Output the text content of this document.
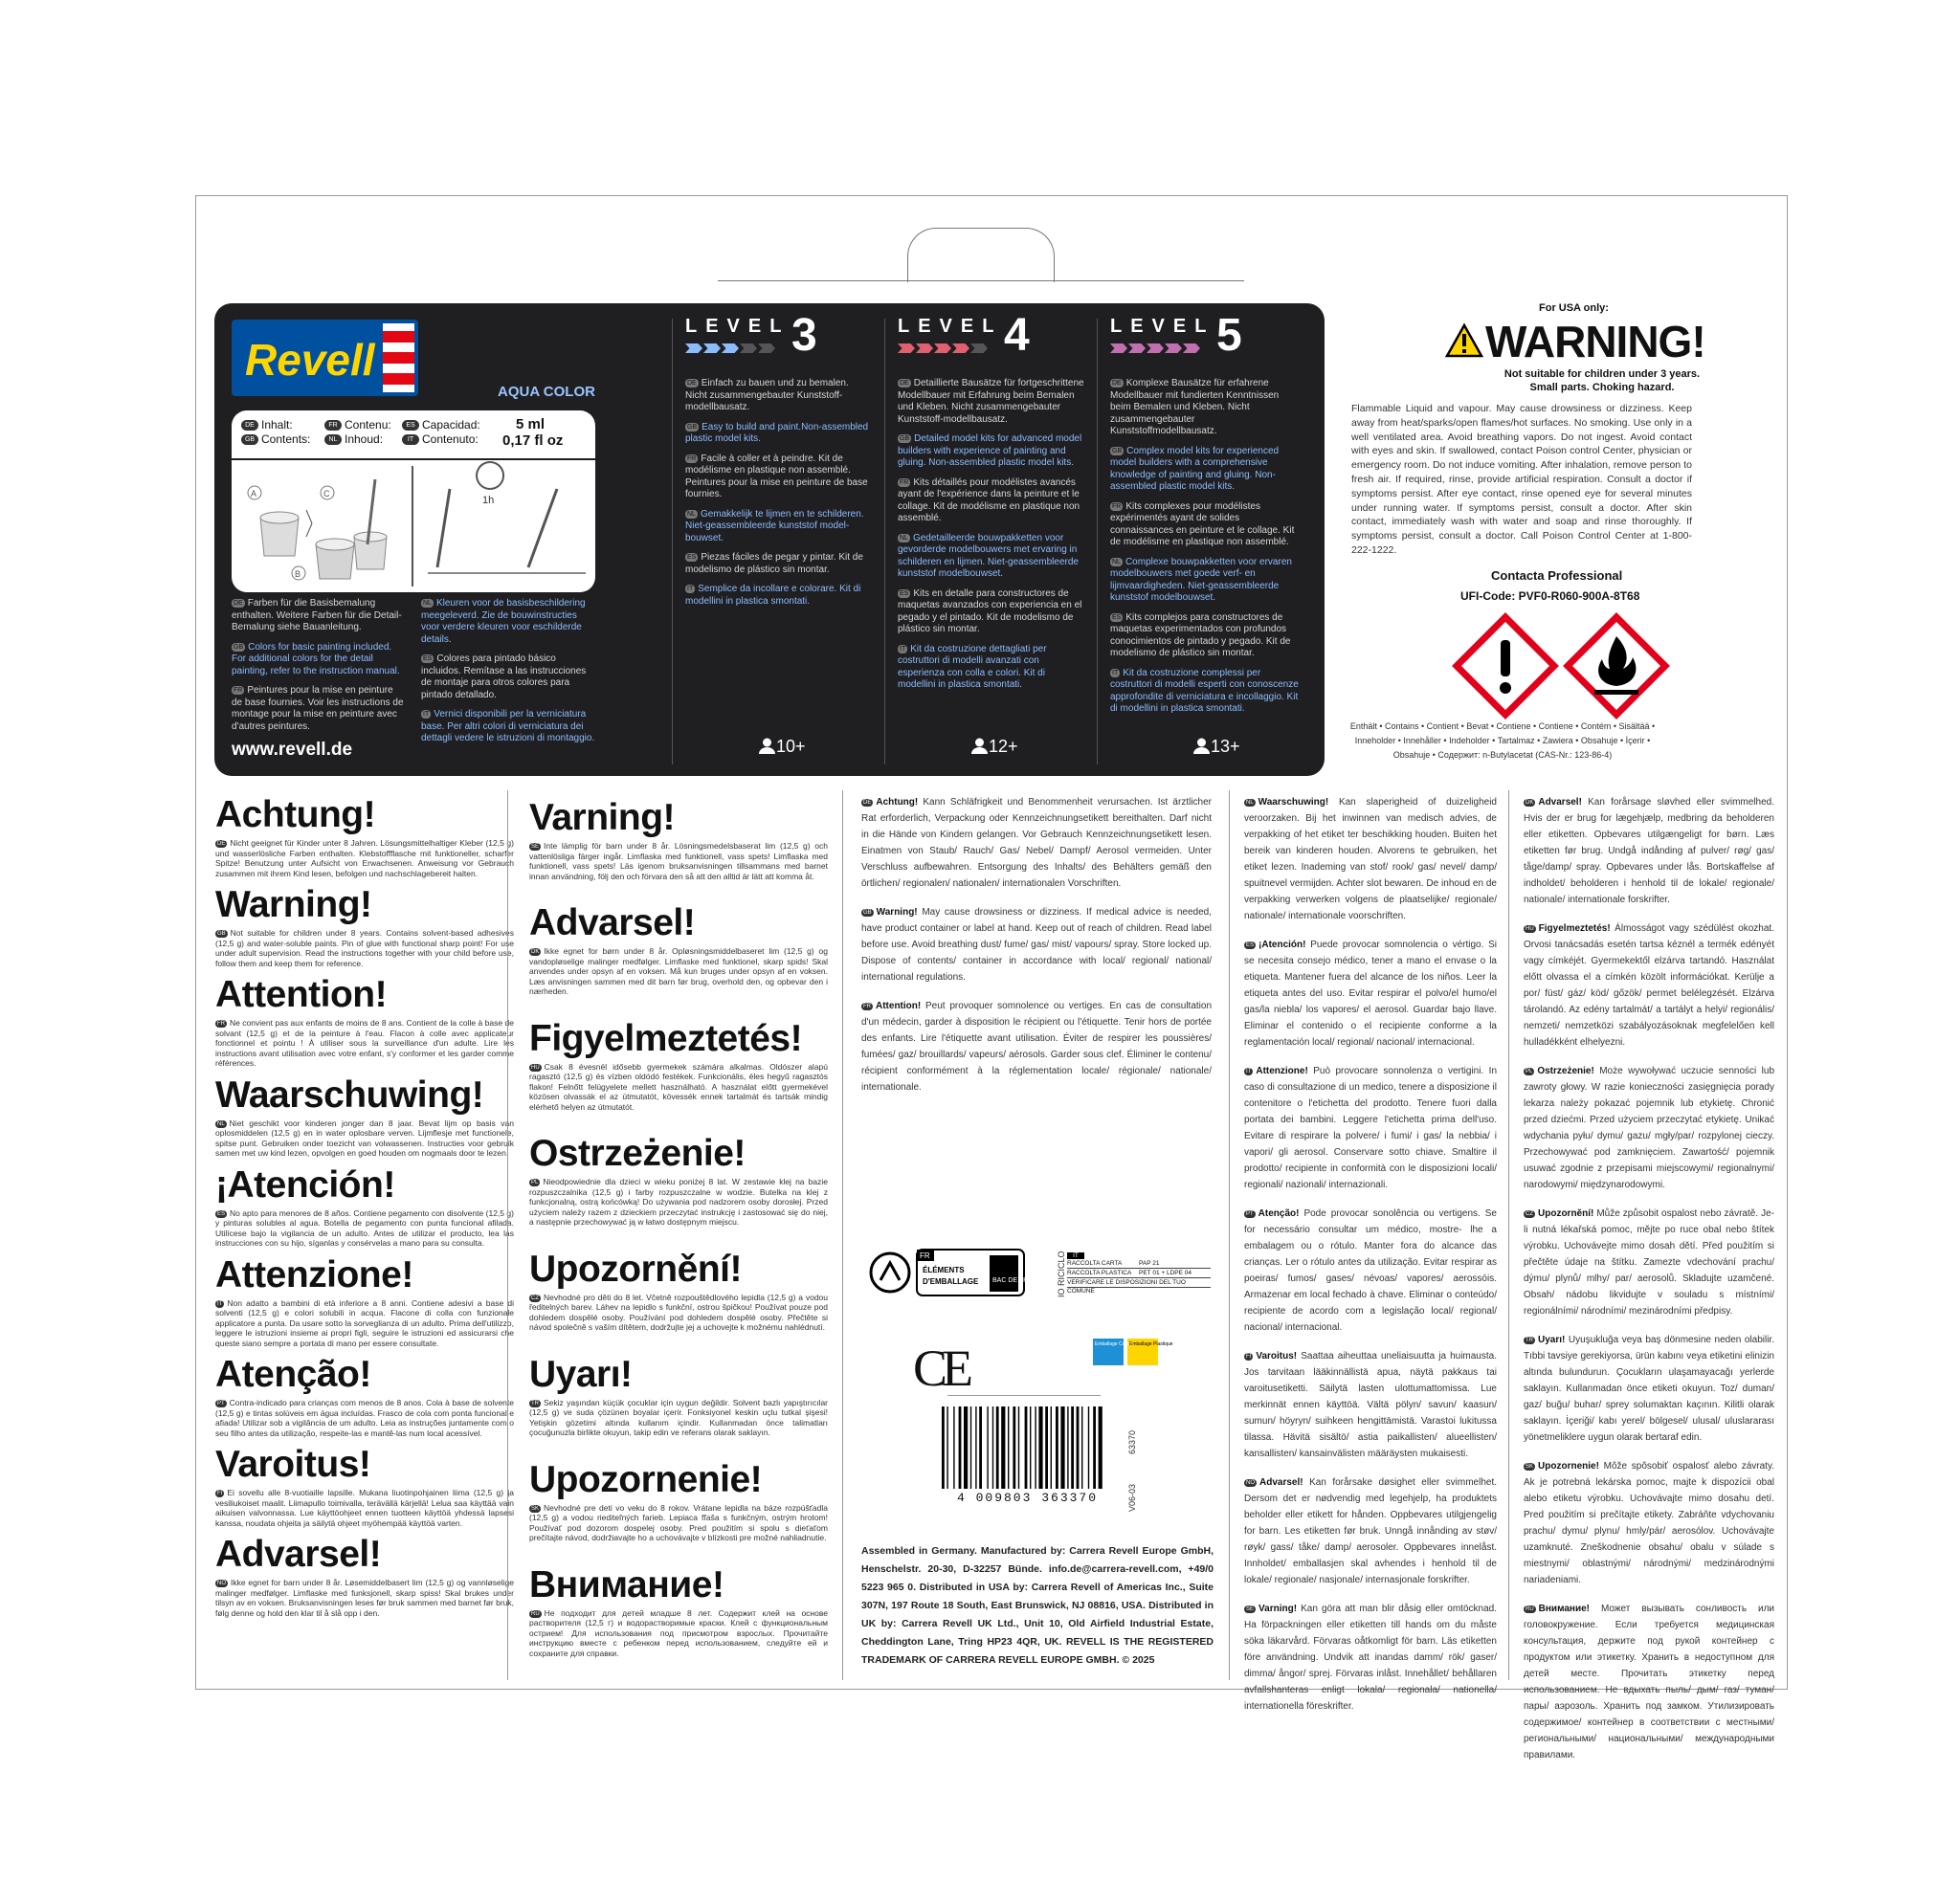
Revell
AQUA COLOR
DE Inhalt:
GB Contents:
FR Contenu:
NL Inhoud:
ES Capacidad:
IT Contenuto:
5 ml
0,17 fl oz
A	C
B
1h

DE Farben für die Basisbemalung enthalten. Weitere Farben für die Detail-Bemalung siehe Bauanleitung.

GB Colors for basic painting included. For additional colors for the detail painting, refer to the instruction manual.

FR Peintures pour la mise en peinture de base fournies. Voir les instructions de montage pour la mise en peinture avec d'autres peintures.

NL Kleuren voor de basisbeschildering meegeleverd. Zie de bouwinstructies voor verdere kleuren voor eschilderde details.

ES Colores para pintado básico incluidos. Remítase a las instrucciones de montaje para otros colores para pintado detallado.

IT Vernici disponibili per la verniciatura base. Per altri colori di verniciatura dei dettagli vedere le istruzioni di montaggio.

www.revell.de
LEVEL 3

DE Einfach zu bauen und zu bemalen. Nicht zusammengebauter Kunststoff-modellbausatz.

GB Easy to build and paint.Non-assembled plastic model kits.

FR Facile à coller et à peindre. Kit de modélisme en plastique non assemblé. Peintures pour la mise en peinture de base fournies.

NL Gemakkelijk te lijmen en te schilderen. Niet-geassembleerde kunststof model-bouwset.

ES Piezas fáciles de pegar y pintar. Kit de modelismo de plástico sin montar.

IT Semplice da incollare e colorare. Kit di modellini in plastica smontati.

10+
LEVEL 4

DE Detaillierte Bausätze für fortgeschrittene Modellbauer mit Erfahrung beim Bemalen und Kleben. Nicht zusammengebauter Kunststoff-modellbausatz.

GB Detailed model kits for advanced model builders with experience of painting and gluing. Non-assembled plastic model kits.

FR Kits détaillés pour modélistes avancés ayant de l'expérience dans la peinture et le collage. Kit de modélisme en plastique non assemblé.

NL Gedetailleerde bouwpakketten voor gevorderde modelbouwers met ervaring in schilderen en lijmen. Niet-geassembleerde kunststof modelbouwset.

ES Kits en detalle para constructores de maquetas avanzados con experiencia en el pegado y el pintado. Kit de modelismo de plástico sin montar.

IT Kit da costruzione dettagliati per costruttori di modelli avanzati con esperienza con colla e colori. Kit di modellini in plastica smontati.

12+
LEVEL 5

DE Komplexe Bausätze für erfahrene Modellbauer mit fundierten Kenntnissen beim Bemalen und Kleben. Nicht zusammengebauter Kunststoffmodellbausatz.

GB Complex model kits for experienced model builders with a comprehensive knowledge of painting and gluing. Non-assembled plastic model kits.

FR Kits complexes pour modélistes expérimentés ayant de solides connaissances en peinture et le collage. Kit de modélisme en plastique non assemblé.

NL Complexe bouwpakketten voor ervaren modelbouwers met goede verf- en lijmvaardigheden. Niet-geassembleerde kunststof modelbouwset.

ES Kits complejos para constructores de maquetas experimentados con profundos conocimientos de pintado y pegado. Kit de modelismo de plástico sin montar.

IT Kit da costruzione complessi per costruttori di modelli esperti con conoscenze approfondite di verniciatura e incollaggio. Kit di modellini in plastica smontati.

13+
For USA only:
WARNING!
Not suitable for children under 3 years.
Small parts. Choking hazard.
Flammable Liquid and vapour. May cause drowsiness or dizziness. Keep away from heat/sparks/open flames/hot surfaces. No smoking. Use only in a well ventilated area. Avoid breathing vapors. Do not ingest. Avoid contact with eyes and skin. If swallowed, contact Poison control Center, physician or emergency room. Do not induce vomiting. After inhalation, remove person to fresh air. If required, rinse, provide artificial respiration. Consult a doctor if symptoms persist. After eye contact, rinse opened eye for several minutes under running water. If symptoms persist, consult a doctor. After skin contact, immediately wash with water and soap and rinse thoroughly. If symptoms persist, consult a doctor. Call Poison Control Center at 1-800-222-1222.
Contacta Professional
UFI-Code: PVF0-R060-900A-8T68
Enthält • Contains • Contient • Bevat • Contiene • Contiene • Contém • Sisältää • Inneholder • Innehåller • Indeholder • Tartalmaz • Zawiera • Obsahuje • İçerir • Obsahuje • Содержит: n-Butylacetat (CAS-Nr.: 123-86-4)
Achtung!

DE Nicht geeignet für Kinder unter 8 Jahren. Lösungsmittelhaltiger Kleber (12,5 g) und wasserlösliche Farben enthalten. Klebstoffflasche mit funktioneller, scharfer Spitze! Benutzung unter Aufsicht von Erwachsenen. Anweisung vor Gebrauch zusammen mit ihrem Kind lesen, befolgen und nachschlagebereit halten.

Warning!

GB Not suitable for children under 8 years. Contains solvent-based adhesives (12,5 g) and water-soluble paints. Pin of glue with functional sharp point! For use under adult supervision. Read the instructions together with your child before use, follow them and keep them for reference.

Attention!

FR Ne convient pas aux enfants de moins de 8 ans. Contient de la colle à base de solvant (12,5 g) et de la peinture à l'eau. Flacon à colle avec applicateur fonctionnel et pointu ! À utiliser sous la surveillance d'un adulte. Lire les instructions avant utilisation avec votre enfant, s'y conformer et les garder comme références.

Waarschuwing!

NL Niet geschikt voor kinderen jonger dan 8 jaar. Bevat lijm op basis van oplosmiddelen (12,5 g) en in water oplosbare verven. Lijmflesje met functionele, spitse punt. Gebruiken onder toezicht van volwassenen. Instructies voor gebruik samen met uw kind lezen, opvolgen en goed houden om nogmaals door te lezen.

¡Atención!

ES No apto para menores de 8 años. Contiene pegamento con disolvente (12,5 g) y pinturas solubles al agua. Botella de pegamento con punta funcional afilada. Utilícese bajo la vigilancia de un adulto. Antes de utilizar el producto, lea las instrucciones con su hijo, síganlas y consérvelas a mano para su consulta.

Attenzione!

IT Non adatto a bambini di età inferiore a 8 anni. Contiene adesivi a base di solventi (12,5 g) e colori solubili in acqua. Flacone di colla con funzionale applicatore a punta. Da usare sotto la sorveglianza di un adulto. Prima dell'utilizzo, leggere le istruzioni insieme ai propri figli, seguire le istruzioni ed assicurarsi che queste siano sempre a portata di mano per essere consultate.

Atenção!

PT Contra-indicado para crianças com menos de 8 anos. Cola à base de solvente (12,5 g) e tintas solúveis em água incluídas. Frasco de cola com ponta funcional e afiada! Utilizar sob a vigilância de um adulto. Leia as instruções juntamente com o seu filho antes da utilização, respeite-las e mantê-las num local acessível.

Varoitus!

FI Ei sovellu alle 8-vuotiaille lapsille. Mukana liuotinpohjainen liima (12,5 g) ja vesiliukoiset maalit. Liimapullo toimivalla, terävällä kärjellä! Lelua saa käyttää vain aikuisen valvonnassa. Lue käyttöohjeet ennen tuotteen käyttöä yhdessä lapsesi kanssa, noudata ohjeita ja säilytä ohjeet myöhempää käyttöä varten.

Advarsel!

NO Ikke egnet for barn under 8 år. Løsemiddelbasert lim (12,5 g) og vannløselige malinger medfølger. Limflaske med funksjonell, skarp spiss! Skal brukes under tilsyn av en voksen. Bruksanvisningen leses før bruk sammen med barnet før bruk, følg denne og hold den klar til å slå opp i den.

Varning!

SE Inte lämplig för barn under 8 år. Lösningsmedelsbaserat lim (12,5 g) och vattenlösliga färger ingår. Limflaska med funktionell, vass spets! Limflaska med funktionell, vass spets! Läs igenom bruksanvisningen tillsammans med barnet innan användning, följ den och förvara den så att den alltid är lätt att komma åt.

Advarsel!

DK Ikke egnet for børn under 8 år. Opløsningsmiddelbaseret lim (12,5 g) og vandopløselige malinger medfølger. Limflaske med funktionel, skarp spids! Skal anvendes under opsyn af en voksen. Må kun bruges under opsyn af en voksen. Læs anvisningen sammen med dit barn før brug, overhold den, og opbevar den i nærheden.

Figyelmeztetés!

HU Csak 8 évesnél idősebb gyermekek számára alkalmas. Oldószer alapú ragasztó (12,5 g) és vízben oldódó festékek. Funkcionális, éles hegyű ragasztós flakon! Felnőtt felügyelete mellett használható. A használat előtt gyermekével közösen olvassák el az útmutatót, kövessék ennek tartalmát és tartsák mindig elérhető helyen az útmutatót.

Ostrzeżenie!

PL Nieodpowiednie dla dzieci w wieku poniżej 8 lat. W zestawie klej na bazie rozpuszczalnika (12,5 g) i farby rozpuszczalne w wodzie. Butelka na klej z funkcjonalną, ostrą końcówką! Do używania pod nadzorem osoby dorosłej. Przed użyciem należy razem z dzieckiem przeczytać instrukcję i zastosować się do niej, a następnie przechowywać ją w łatwo dostępnym miejscu.

Upozornění!

CZ Nevhodné pro děti do 8 let. Včetně rozpouštědlového lepidla (12,5 g) a vodou ředitelných barev. Láhev na lepidlo s funkční, ostrou špičkou! Používat pouze pod dohledem dospělé osoby. Používání pod dohledem dospělé osoby. Přečtěte si návod společně s vaším dítětem, dodržujte jej a uchovejte k možnému nahlédnutí.

Uyarı!

TR Sekiz yaşından küçük çocuklar için uygun değildir. Solvent bazlı yapıştırıcılar (12,5 g) ve suda çözünen boyalar içerir. Fonksiyonel keskin uçlu tutkal şişesi! Yetişkin gözetimi altında kullanım içindir. Kullanmadan önce talimatları çocuğunuzla birlikte okuyun, takip edin ve referans olarak saklayın.

Upozornenie!

SK Nevhodné pre deti vo veku do 8 rokov. Vrátane lepidla na báze rozpúšťadla (12,5 g) a vodou riediteľných farieb. Lepiaca fľaša s funkčným, ostrým hrotom! Používať pod dozorom dospelej osoby. Pred použitím si spolu s dieťaťom prečítajte návod, dodržiavajte ho a uchovávajte v blízkosti pre možné nahliadnutie.

Внимание!

RU Не подходит для детей младше 8 лет. Содержит клей на основе растворителя (12,5 г) и водорастворимые краски. Клей с функциональным острием! Для использования под присмотром взрослых. Прочитайте инструкцию вместе с ребенком перед использованием, следуйте ей и сохраните для справки.

DE Achtung! Kann Schläfrigkeit und Benommenheit verursachen. Ist ärztlicher Rat erforderlich, Verpackung oder Kennzeichnungsetikett bereithalten. Darf nicht in die Hände von Kindern gelangen. Vor Gebrauch Kennzeichnungsetikett lesen. Einatmen von Staub/ Rauch/ Gas/ Nebel/ Dampf/ Aerosol vermeiden. Unter Verschluss aufbewahren. Entsorgung des Inhalts/ des Behälters gemäß den örtlichen/ regionalen/ nationalen/ internationalen Vorschriften.

GB Warning! May cause drowsiness or dizziness. If medical advice is needed, have product container or label at hand. Keep out of reach of children. Read label before use. Avoid breathing dust/ fume/ gas/ mist/ vapours/ spray. Store locked up. Dispose of contents/ container in accordance with local/ regional/ national/ international regulations.

FR Attention! Peut provoquer somnolence ou vertiges. En cas de consultation d'un médecin, garder à disposition le récipient ou l'étiquette. Tenir hors de portée des enfants. Lire l'étiquette avant utilisation. Éviter de respirer les poussières/ fumées/ gaz/ brouillards/ vapeurs/ aérosols. Garder sous clef. Éliminer le contenu/ récipient conformément à la réglementation locale/ régionale/ nationale/ internationale.

FR
ÉLÉMENTS
D'EMBALLAGE BAC DE TRI
IT
RACCOLTA CARTA	PAP 21
RACCOLTA PLASTICA	PET 01 + LDPE 04
VERIFICARE LE DISPOSIZIONI DEL TUO COMUNE
IO RICICLO
CE	Emballage Carton
Emballage Plastique
4 009803 363370
63370
V06-03
Assembled in Germany. Manufactured by: Carrera Revell Europe GmbH, Henschelstr. 20-30, D-32257 Bünde. info.de@carrera-revell.com, +49/0 5223 965 0. Distributed in USA by: Carrera Revell of Americas Inc., Suite 307N, 197 Route 18 South, East Brunswick, NJ 08816, USA. Distributed in UK by: Carrera Revell UK Ltd., Unit 10, Old Airfield Industrial Estate, Cheddington Lane, Tring HP23 4QR, UK. REVELL IS THE REGISTERED TRADEMARK OF CARRERA REVELL EUROPE GMBH. © 2025

NL Waarschuwing! Kan slaperigheid of duizeligheid veroorzaken. Bij het inwinnen van medisch advies, de verpakking of het etiket ter beschikking houden. Buiten het bereik van kinderen houden. Alvorens te gebruiken, het etiket lezen. Inademing van stof/ rook/ gas/ nevel/ damp/ spuitnevel vermijden. Achter slot bewaren. De inhoud en de verpakking verwerken volgens de plaatselijke/ regionale/ nationale/ internationale voorschriften.

ES ¡Atención! Puede provocar somnolencia o vértigo. Si se necesita consejo médico, tener a mano el envase o la etiqueta. Mantener fuera del alcance de los niños. Leer la etiqueta antes del uso. Evitar respirar el polvo/el humo/el gas/la niebla/ los vapores/ el aerosol. Guardar bajo llave. Eliminar el contenido o el recipiente conforme a la reglamentación local/ regional/ nacional/ internacional.

IT Attenzione! Può provocare sonnolenza o vertigini. In caso di consultazione di un medico, tenere a disposizione il contenitore o l'etichetta del prodotto. Tenere fuori dalla portata dei bambini. Leggere l'etichetta prima dell'uso. Evitare di respirare la polvere/ i fumi/ i gas/ la nebbia/ i vapori/ gli aerosol. Conservare sotto chiave. Smaltire il prodotto/ recipiente in conformità con le disposizioni locali/ regionali/ nazionali/ internazionali.

PT Atenção! Pode provocar sonolência ou vertigens. Se for necessário consultar um médico, mostre- lhe a embalagem ou o rótulo. Manter fora do alcance das crianças. Ler o rótulo antes da utilização. Evitar respirar as poeiras/ fumos/ gases/ névoas/ vapores/ aerossóis. Armazenar em local fechado à chave. Eliminar o conteúdo/ recipiente de acordo com a legislação local/ regional/ nacional/ internacional.

FI Varoitus! Saattaa aiheuttaa uneliaisuutta ja huimausta. Jos tarvitaan lääkinnällistä apua, näytä pakkaus tai varoitusetiketti. Säilytä lasten ulottumattomissa. Lue merkinnät ennen käyttöä. Vältä pölyn/ savun/ kaasun/ sumun/ höyryn/ suihkeen hengittämistä. Varastoi lukitussa tilassa. Hävitä sisältö/ astia paikallisten/ alueellisten/ kansallisten/ kansainvälisten määräysten mukaisesti.

NO Advarsel! Kan forårsake døsighet eller svimmelhet. Dersom det er nødvendig med legehjelp, ha produktets beholder eller etikett for hånden. Oppbevares utilgjengelig for barn. Les etiketten før bruk. Unngå innånding av støv/ røyk/ gass/ tåke/ damp/ aerosoler. Oppbevares innelåst. Innholdet/ emballasjen skal avhendes i henhold til de lokale/ regionale/ nasjonale/ internasjonale forskrifter.

SE Varning! Kan göra att man blir dåsig eller omtöcknad. Ha förpackningen eller etiketten till hands om du måste söka läkarvård. Förvaras oåtkomligt för barn. Läs etiketten före användning. Undvik att inandas damm/ rök/ gaser/ dimma/ ångor/ sprej. Förvaras inlåst. Innehållet/ behållaren avfallshanteras enligt lokala/ regionala/ nationella/ internationella föreskrifter.

DK Advarsel! Kan forårsage sløvhed eller svimmelhed. Hvis der er brug for lægehjælp, medbring da beholderen eller etiketten. Opbevares utilgængeligt for børn. Læs etiketten før brug. Undgå indånding af pulver/ røg/ gas/ tåge/damp/ spray. Opbevares under lås. Bortskaffelse af indholdet/ beholderen i henhold til de lokale/ regionale/ nationale/ internationale forskrifter.

HU Figyelmeztetés! Álmosságot vagy szédülést okozhat. Orvosi tanácsadás esetén tartsa kéznél a termék edényét vagy címkéjét. Gyermekektől elzárva tartandó. Használat előtt olvassa el a címkén közölt információkat. Kerülje a por/ füst/ gáz/ köd/ gőzök/ permet belélegzését. Elzárva tárolandó. Az edény tartalmát/ a tartályt a helyi/ regionális/ nemzeti/ nemzetközi szabályozásoknak megfelelően kell hulladékként elhelyezni.

PL Ostrzeżenie! Może wywoływać uczucie senności lub zawroty głowy. W razie konieczności zasięgnięcia porady lekarza należy pokazać pojemnik lub etykietę. Chronić przed dziećmi. Przed użyciem przeczytać etykietę. Unikać wdychania pyłu/ dymu/ gazu/ mgły/par/ rozpylonej cieczy. Przechowywać pod zamknięciem. Zawartość/ pojemnik usuwać zgodnie z przepisami miejscowymi/ regionalnymi/ narodowymi/ międzynarodowymi.

CZ Upozornění! Může způsobit ospalost nebo závratě. Je-li nutná lékařská pomoc, mějte po ruce obal nebo štítek výrobku. Uchovávejte mimo dosah dětí. Před použitím si přečtěte údaje na štítku. Zamezte vdechování prachu/ dýmu/ plynů/ mlhy/ par/ aerosolů. Skladujte uzamčené. Obsah/ nádobu likvidujte v souladu s místními/ regionálními/ národními/ mezinárodními předpisy.

TR Uyarı! Uyuşukluğa veya baş dönmesine neden olabilir. Tıbbi tavsiye gerekiyorsa, ürün kabını veya etiketini elinizin altında bulundurun. Çocukların ulaşamayacağı yerlerde saklayın. Kullanmadan önce etiketi okuyun. Toz/ duman/ gaz/ buğu/ buhar/ sprey solumaktan kaçının. Kilitli olarak saklayın. İçeriği/ kabı yerel/ bölgesel/ ulusal/ uluslararası yönetmeliklere uygun olarak bertaraf edin.

SK Upozornenie! Môže spôsobiť ospalosť alebo závraty. Ak je potrebná lekárska pomoc, majte k dispozícii obal alebo etiketu výrobku. Uchovávajte mimo dosahu detí. Pred použitím si prečítajte etikety. Zabráňte vdychovaniu prachu/ dymu/ plynu/ hmly/pár/ aerosólov. Uchovávajte uzamknuté. Zneškodnenie obsahu/ obalu v súlade s miestnymi/ oblastnými/ národnými/ medzinárodnými nariadeniami.

RU Внимание! Может вызывать сонливость или головокружение. Если требуется медицинская консультация, держите под рукой контейнер с продуктом или этикетку. Хранить в недоступном для детей месте. Прочитать этикетку перед использованием. Не вдыхать пыль/ дым/ газ/ туман/ пары/ аэрозоль. Хранить под замком. Утилизировать содержимое/ контейнер в соответствии с местными/ региональными/ национальными/ международными правилами.
